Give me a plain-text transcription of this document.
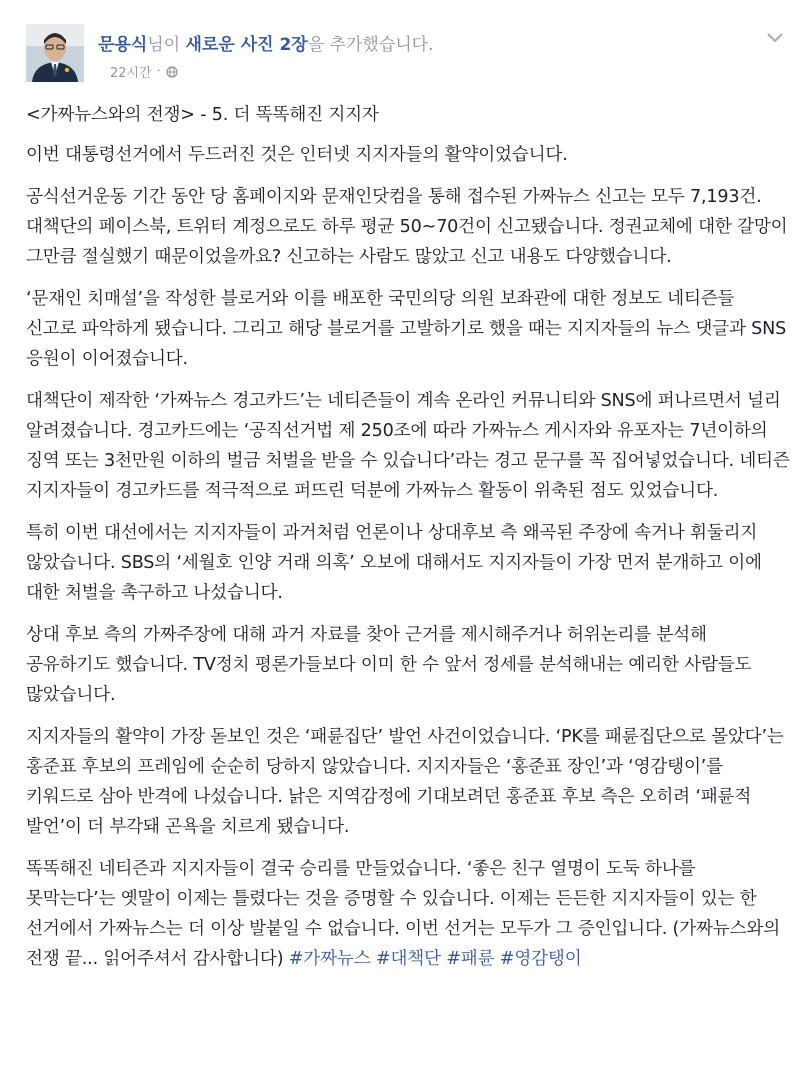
문용식님이 새로운 사진 2장을 추가했습니다.
22시간 ·

<가짜뉴스와의 전쟁> - 5. 더 똑똑해진 지지자

이번 대통령선거에서 두드러진 것은 인터넷 지지자들의 활약이었습니다.

공식선거운동 기간 동안 당 홈페이지와 문재인닷컴을 통해 접수된 가짜뉴스 신고는 모두 7,193건. 대책단의 페이스북, 트위터 계정으로도 하루 평균 50~70건이 신고됐습니다. 정권교체에 대한 갈망이 그만큼 절실했기 때문이었을까요? 신고하는 사람도 많았고 신고 내용도 다양했습니다.

‘문재인 치매설’을 작성한 블로거와 이를 배포한 국민의당 의원 보좌관에 대한 정보도 네티즌들 신고로 파악하게 됐습니다. 그리고 해당 블로거를 고발하기로 했을 때는 지지자들의 뉴스 댓글과 SNS 응원이 이어졌습니다.

대책단이 제작한 ‘가짜뉴스 경고카드’는 네티즌들이 계속 온라인 커뮤니티와 SNS에 퍼나르면서 널리 알려졌습니다. 경고카드에는 ‘공직선거법 제 250조에 따라 가짜뉴스 게시자와 유포자는 7년이하의 징역 또는 3천만원 이하의 벌금 처벌을 받을 수 있습니다’라는 경고 문구를 꼭 집어넣었습니다. 네티즌 지지자들이 경고카드를 적극적으로 퍼뜨린 덕분에 가짜뉴스 활동이 위축된 점도 있었습니다.

특히 이번 대선에서는 지지자들이 과거처럼 언론이나 상대후보 측 왜곡된 주장에 속거나 휘둘리지 않았습니다. SBS의 ‘세월호 인양 거래 의혹’ 오보에 대해서도 지지자들이 가장 먼저 분개하고 이에 대한 처벌을 촉구하고 나섰습니다.

상대 후보 측의 가짜주장에 대해 과거 자료를 찾아 근거를 제시해주거나 허위논리를 분석해 공유하기도 했습니다. TV정치 평론가들보다 이미 한 수 앞서 정세를 분석해내는 예리한 사람들도 많았습니다.

지지자들의 활약이 가장 돋보인 것은 ‘패륜집단’ 발언 사건이었습니다. ‘PK를 패륜집단으로 몰았다’는 홍준표 후보의 프레임에 순순히 당하지 않았습니다. 지지자들은 ‘홍준표 장인’과 ‘영감탱이’를 키워드로 삼아 반격에 나섰습니다. 낡은 지역감정에 기대보려던 홍준표 후보 측은 오히려 ‘패륜적 발언’이 더 부각돼 곤욕을 치르게 됐습니다.

똑똑해진 네티즌과 지지자들이 결국 승리를 만들었습니다. ‘좋은 친구 열명이 도둑 하나를 못막는다’는 옛말이 이제는 틀렸다는 것을 증명할 수 있습니다. 이제는 든든한 지지자들이 있는 한 선거에서 가짜뉴스는 더 이상 발붙일 수 없습니다. 이번 선거는 모두가 그 증인입니다. (가짜뉴스와의 전쟁 끝... 읽어주셔서 감사합니다) #가짜뉴스 #대책단 #패륜 #영감탱이
